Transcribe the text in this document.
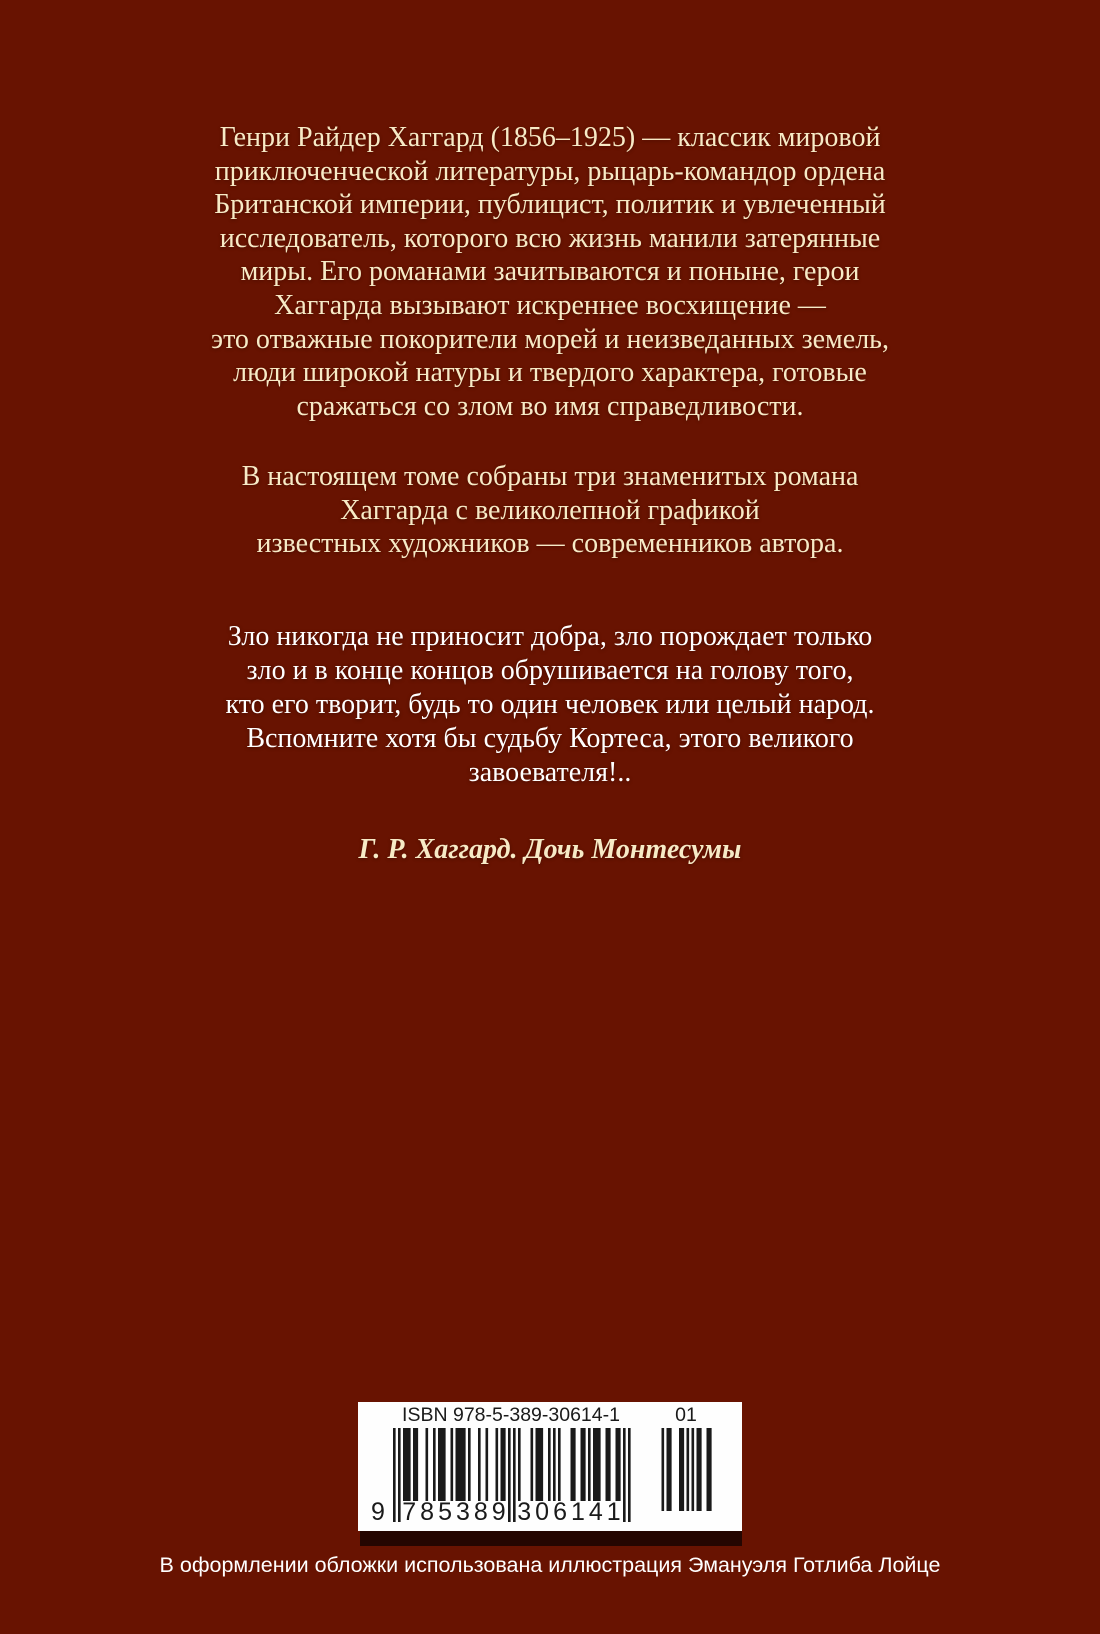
Генри Райдер Хаггард (1856–1925) — классик мировой
приключенческой литературы, рыцарь-командор ордена
Британской империи, публицист, политик и увлеченный
исследователь, которого всю жизнь манили затерянные
миры. Его романами зачитываются и поныне, герои
Хаггарда вызывают искреннее восхищение —
это отважные покорители морей и неизведанных земель,
люди широкой натуры и твердого характера, готовые
сражаться со злом во имя справедливости.
В настоящем томе собраны три знаменитых романа
Хаггарда с великолепной графикой
известных художников — современников автора.
Зло никогда не приносит добра, зло порождает только
зло и в конце концов обрушивается на голову того,
кто его творит, будь то один человек или целый народ.
Вспомните хотя бы судьбу Кортеса, этого великого
завоевателя!..
Г. Р. Хаггард. Дочь Монтесумы
ISBN 978-5-389-30614-1	01
9 785389 306141
В оформлении обложки использована иллюстрация Эмануэля Готлиба Лойце
